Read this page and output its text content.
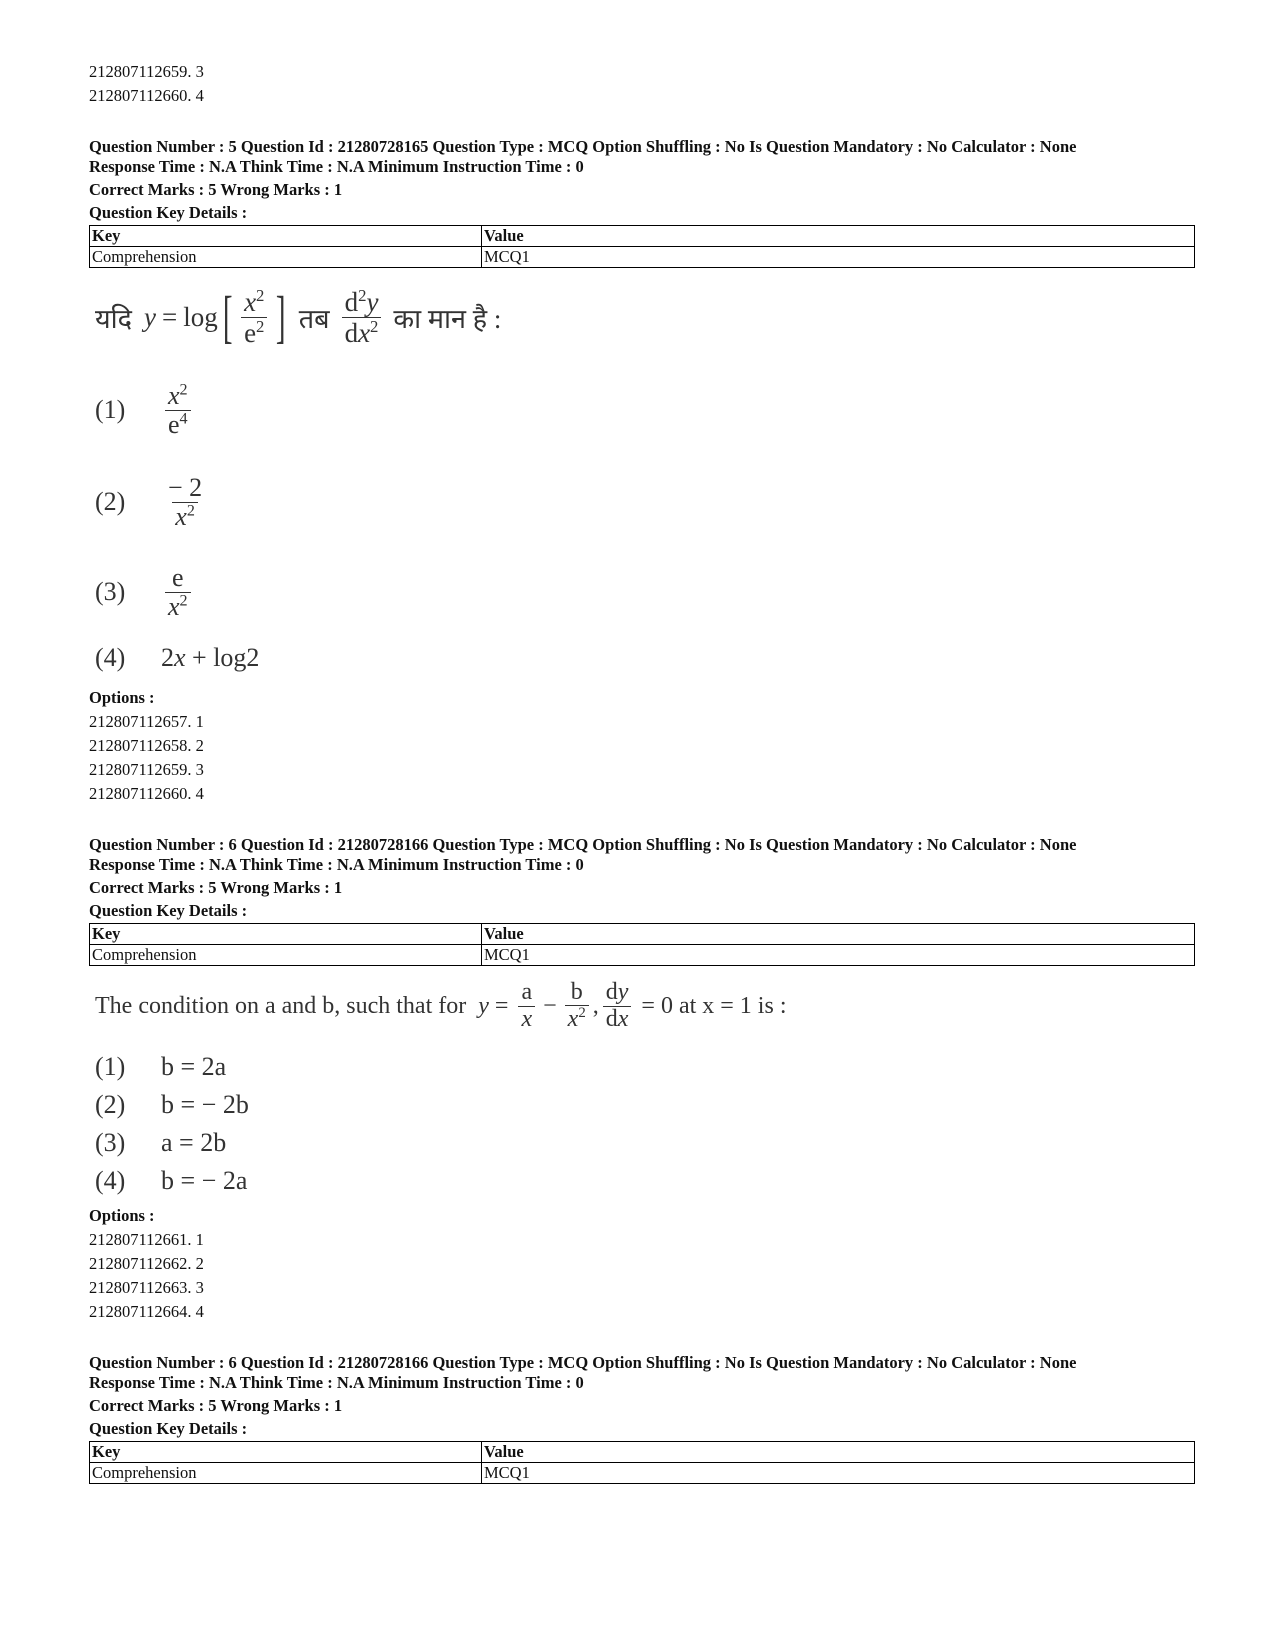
212807112659. 3
212807112660. 4

Question Number : 5 Question Id : 21280728165 Question Type : MCQ Option Shuffling : No Is Question Mandatory : No Calculator : None

Response Time : N.A Think Time : N.A Minimum Instruction Time : 0

Correct Marks : 5 Wrong Marks : 1

Question Key Details :

Key	Value
Comprehension	MCQ1
यदि y = log [ $\frac{x^2}{e^2}$ ] तब $\frac{d^2y}{dx^2}$ का मान है :
(1)	$\frac{x^2}{e^4}$
(2)	$\frac{- 2}{x^2}$
(3)	$\frac{e}{x^2}$
(4)	2x + log2
Options :
212807112657. 1
212807112658. 2
212807112659. 3
212807112660. 4

Question Number : 6 Question Id : 21280728166 Question Type : MCQ Option Shuffling : No Is Question Mandatory : No Calculator : None

Response Time : N.A Think Time : N.A Minimum Instruction Time : 0

Correct Marks : 5 Wrong Marks : 1

Question Key Details :

Key	Value
Comprehension	MCQ1
The condition on a and b, such that for $y = \frac{a}{x} - \frac{b}{x^2}$ , $\frac{dy}{dx} = 0$ at x = 1 is :
(1)	b = 2a
(2)	b = − 2b
(3)	a = 2b
(4)	b = − 2a
Options :
212807112661. 1
212807112662. 2
212807112663. 3
212807112664. 4

Question Number : 6 Question Id : 21280728166 Question Type : MCQ Option Shuffling : No Is Question Mandatory : No Calculator : None

Response Time : N.A Think Time : N.A Minimum Instruction Time : 0

Correct Marks : 5 Wrong Marks : 1

Question Key Details :

Key	Value
Comprehension	MCQ1
